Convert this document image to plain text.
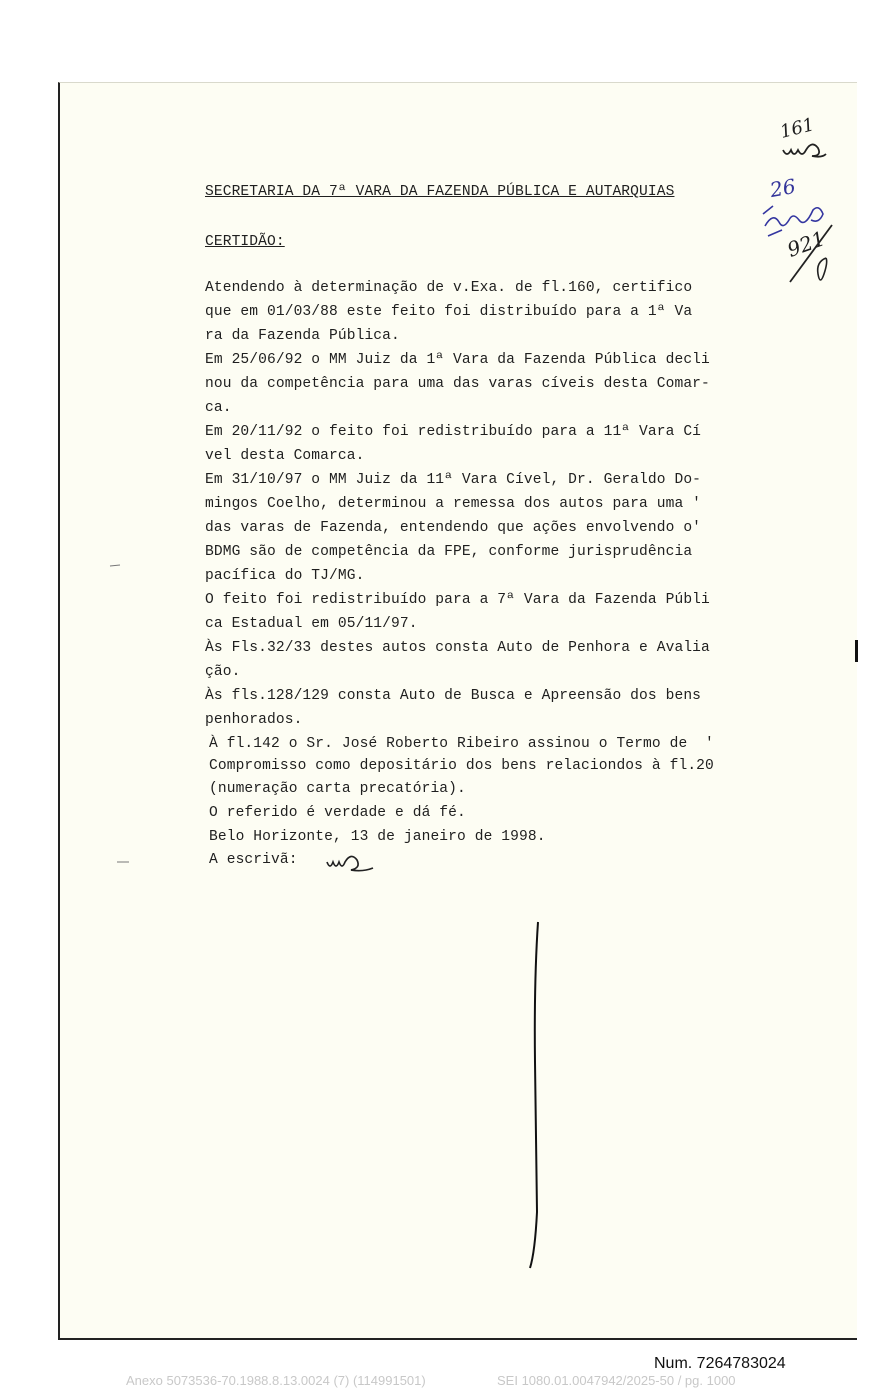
SECRETARIA DA 7ª VARA DA FAZENDA PÚBLICA E AUTARQUIAS
CERTIDÃO:
Atendendo à determinação de v.Exa. de fl.160, certifico
que em 01/03/88 este feito foi distribuído para a 1ª Va
ra da Fazenda Pública.
Em 25/06/92 o MM Juiz da 1ª Vara da Fazenda Pública decli
nou da competência para uma das varas cíveis desta Comar-
ca.
Em 20/11/92 o feito foi redistribuído para a 11ª Vara Cí
vel desta Comarca.
Em 31/10/97 o MM Juiz da 11ª Vara Cível, Dr. Geraldo Do-
mingos Coelho, determinou a remessa dos autos para uma '
das varas de Fazenda, entendendo que ações envolvendo o'
BDMG são de competência da FPE, conforme jurisprudência
pacífica do TJ/MG.
O feito foi redistribuído para a 7ª Vara da Fazenda Públi
ca Estadual em 05/11/97.
Às Fls.32/33 destes autos consta Auto de Penhora e Avalia
ção.
Às fls.128/129 consta Auto de Busca e Apreensão dos bens
penhorados.
À fl.142 o Sr. José Roberto Ribeiro assinou o Termo de  '
Compromisso como depositário dos bens relaciondos à fl.20
(numeração carta precatória).
O referido é verdade e dá fé.
Belo Horizonte, 13 de janeiro de 1998.
A escrivã:
161
26
921
Num. 7264783024
Anexo 5073536-70.1988.8.13.0024 (7) (114991501)	SEI 1080.01.0047942/2025-50 / pg. 1000
